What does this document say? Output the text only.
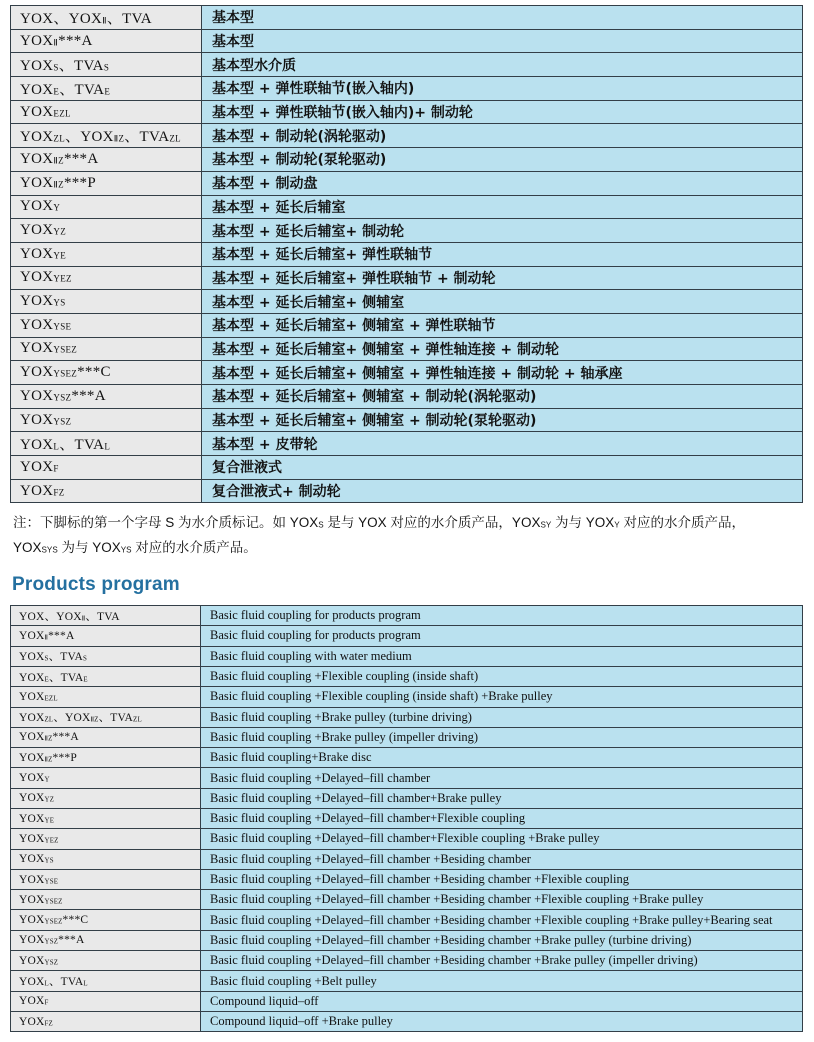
YOX、$YOX_Ⅱ$、TVA	基本型
$YOX_Ⅱ***A$	基本型
$YOX_S$、$TVA_S$	基本型水介质
$YOX_E$、$TVA_E$	基本型 + 弹性联轴节(嵌入轴内)
$YOX_{EZL}$	基本型 + 弹性联轴节(嵌入轴内)+ 制动轮
$YOX_{ZL}$、$YOX_{ⅡZ}$、$TVA_{ZL}$	基本型 + 制动轮(涡轮驱动)
$YOX_{ⅡZ}***A$	基本型 + 制动轮(泵轮驱动)
$YOX_{ⅡZ}***P$	基本型 + 制动盘
$YOX_Y$	基本型 + 延长后辅室
$YOX_{YZ}$	基本型 + 延长后辅室+ 制动轮
$YOX_{YE}$	基本型 + 延长后辅室+ 弹性联轴节
$YOX_{YEZ}$	基本型 + 延长后辅室+ 弹性联轴节 + 制动轮
$YOX_{YS}$	基本型 + 延长后辅室+ 侧辅室
$YOX_{YSE}$	基本型 + 延长后辅室+ 侧辅室 + 弹性联轴节
$YOX_{YSEZ}$	基本型 + 延长后辅室+ 侧辅室 + 弹性轴连接 + 制动轮
$YOX_{YSEZ}***C$	基本型 + 延长后辅室+ 侧辅室 + 弹性轴连接 + 制动轮 + 轴承座
$YOX_{YSZ}***A$	基本型 + 延长后辅室+ 侧辅室 + 制动轮(涡轮驱动)
$YOX_{YSZ}$	基本型 + 延长后辅室+ 侧辅室 + 制动轮(泵轮驱动)
$YOX_L$、$TVA_L$	基本型 + 皮带轮
$YOX_F$	复合泄液式
$YOX_{FZ}$	复合泄液式+ 制动轮
注：下脚标的第一个字母 S 为水介质标记。如 $YOX_S$ 是与 YOX 对应的水介质产品，$YOX_{SY}$ 为与 $YOX_Y$ 对应的水介质产品，
$YOX_{SYS}$ 为与 $YOX_{YS}$ 对应的水介质产品。
Products program
YOX、$YOX_Ⅱ$、TVA	Basic fluid coupling for products program
$YOX_Ⅱ***A$	Basic fluid coupling for products program
$YOX_S$、$TVA_S$	Basic fluid coupling with water medium
$YOX_E$、$TVA_E$	Basic fluid coupling +Flexible coupling (inside shaft)
$YOX_{EZL}$	Basic fluid coupling +Flexible coupling (inside shaft) +Brake pulley
$YOX_{ZL}$、$YOX_{ⅡZ}$、$TVA_{ZL}$	Basic fluid coupling +Brake pulley (turbine driving)
$YOX_{ⅡZ}***A$	Basic fluid coupling +Brake pulley (impeller driving)
$YOX_{ⅡZ}***P$	Basic fluid coupling+Brake disc
$YOX_Y$	Basic fluid coupling +Delayed–fill chamber
$YOX_{YZ}$	Basic fluid coupling +Delayed–fill chamber+Brake pulley
$YOX_{YE}$	Basic fluid coupling +Delayed–fill chamber+Flexible coupling
$YOX_{YEZ}$	Basic fluid coupling +Delayed–fill chamber+Flexible coupling +Brake pulley
$YOX_{YS}$	Basic fluid coupling +Delayed–fill chamber +Besiding chamber
$YOX_{YSE}$	Basic fluid coupling +Delayed–fill chamber +Besiding chamber +Flexible coupling
$YOX_{YSEZ}$	Basic fluid coupling +Delayed–fill chamber +Besiding chamber +Flexible coupling +Brake pulley
$YOX_{YSEZ}***C$	Basic fluid coupling +Delayed–fill chamber +Besiding chamber +Flexible coupling +Brake pulley+Bearing seat
$YOX_{YSZ}***A$	Basic fluid coupling +Delayed–fill chamber +Besiding chamber +Brake pulley (turbine driving)
$YOX_{YSZ}$	Basic fluid coupling +Delayed–fill chamber +Besiding chamber +Brake pulley (impeller driving)
$YOX_L$、$TVA_L$	Basic fluid coupling +Belt pulley
$YOX_F$	Compound liquid–off
$YOX_{FZ}$	Compound liquid–off +Brake pulley
